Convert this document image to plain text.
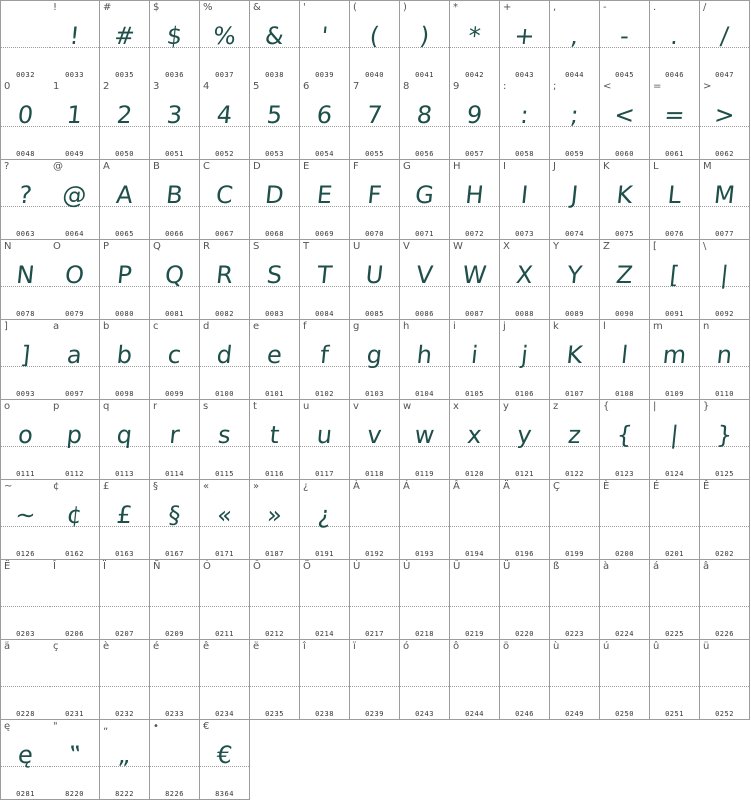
0032
!
!
0033
#
#
0035
$
$
0036
%
%
0037
&
&
0038
'
'
0039
(
(
0040
)
)
0041
*
*
0042
+
+
0043
,
,
0044
-
-
0045
.
.
0046
/
/
0047
0
0
0048
1
1
0049
2
2
0050
3
3
0051
4
4
0052
5
5
0053
6
6
0054
7
7
0055
8
8
0056
9
9
0057
:
:
0058
;
;
0059
<
<
0060
=
=
0061
>
>
0062
?
?
0063
@
@
0064
A
A
0065
B
B
0066
C
C
0067
D
D
0068
E
E
0069
F
F
0070
G
G
0071
H
H
0072
I
I
0073
J
J
0074
K
K
0075
L
L
0076
M
M
0077
N
N
0078
O
O
0079
P
P
0080
Q
Q
0081
R
R
0082
S
S
0083
T
T
0084
U
U
0085
V
V
0086
W
W
0087
X
X
0088
Y
Y
0089
Z
Z
0090
[
[
0091
\
|
0092
]
]
0093
a
a
0097
b
b
0098
c
c
0099
d
d
0100
e
e
0101
f
f
0102
g
g
0103
h
h
0104
i
i
0105
j
j
0106
k
K
0107
l
l
0108
m
m
0109
n
n
0110
o
o
0111
p
p
0112
q
q
0113
r
r
0114
s
s
0115
t
t
0116
u
u
0117
v
v
0118
w
w
0119
x
x
0120
y
y
0121
z
z
0122
{
{
0123
|
|
0124
}
}
0125
~
~
0126
¢
¢
0162
£
£
0163
§
§
0167
«
«
0171
»
»
0187
¿
¿
0191
À
0192
Á
0193
Â
0194
Ä
0196
Ç
0199
È
0200
É
0201
Ê
0202
Ë
0203
Î
0206
Ï
0207
Ñ
0209
Ó
0211
Ô
0212
Ö
0214
Ù
0217
Ú
0218
Û
0219
Ü
0220
ß
0223
à
0224
á
0225
â
0226
ä
0228
ç
0231
è
0232
é
0233
ê
0234
ë
0235
î
0238
ï
0239
ó
0243
ô
0244
ö
0246
ù
0249
ú
0250
û
0251
ü
0252
ę
ę
0281
"
‟
8220
„
„
8222
•
8226
€
€
8364
